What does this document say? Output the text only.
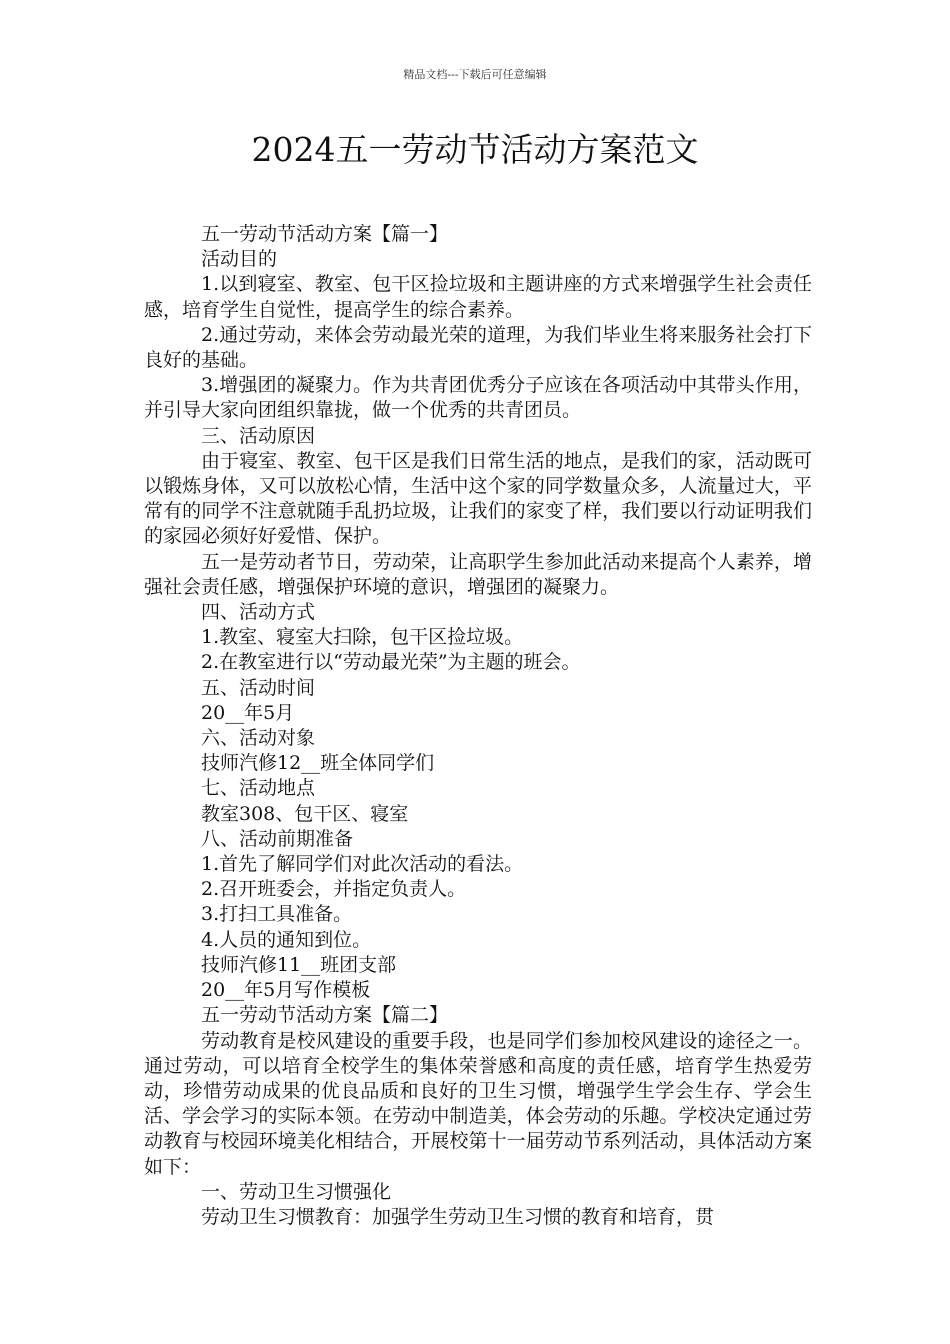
精品文档---下载后可任意编辑
2024五一劳动节活动方案范文

五一劳动节活动方案【篇一】

活动目的

1.以到寝室、教室、包干区捡垃圾和主题讲座的方式来增强学生社会责任感，培育学生自觉性，提高学生的综合素养。

2.通过劳动，来体会劳动最光荣的道理，为我们毕业生将来服务社会打下良好的基础。

3.增强团的凝聚力。作为共青团优秀分子应该在各项活动中其带头作用，并引导大家向团组织靠拢，做一个优秀的共青团员。

三、活动原因

由于寝室、教室、包干区是我们日常生活的地点，是我们的家，活动既可以锻炼身体，又可以放松心情，生活中这个家的同学数量众多，人流量过大，平常有的同学不注意就随手乱扔垃圾，让我们的家变了样，我们要以行动证明我们的家园必须好好爱惜、保护。

五一是劳动者节日，劳动荣，让高职学生参加此活动来提高个人素养，增强社会责任感，增强保护环境的意识，增强团的凝聚力。

四、活动方式

1.教室、寝室大扫除，包干区捡垃圾。

2.在教室进行以“劳动最光荣”为主题的班会。

五、活动时间

20__年5月

六、活动对象

技师汽修12__班全体同学们

七、活动地点

教室308、包干区、寝室

八、活动前期准备

1.首先了解同学们对此次活动的看法。

2.召开班委会，并指定负责人。

3.打扫工具准备。

4.人员的通知到位。

技师汽修11__班团支部

20__年5月写作模板

五一劳动节活动方案【篇二】

劳动教育是校风建设的重要手段，也是同学们参加校风建设的途径之一。通过劳动，可以培育全校学生的集体荣誉感和高度的责任感，培育学生热爱劳动，珍惜劳动成果的优良品质和良好的卫生习惯，增强学生学会生存、学会生活、学会学习的实际本领。在劳动中制造美，体会劳动的乐趣。学校决定通过劳动教育与校园环境美化相结合，开展校第十一届劳动节系列活动，具体活动方案如下：

一、劳动卫生习惯强化

劳动卫生习惯教育：加强学生劳动卫生习惯的教育和培育，贯
